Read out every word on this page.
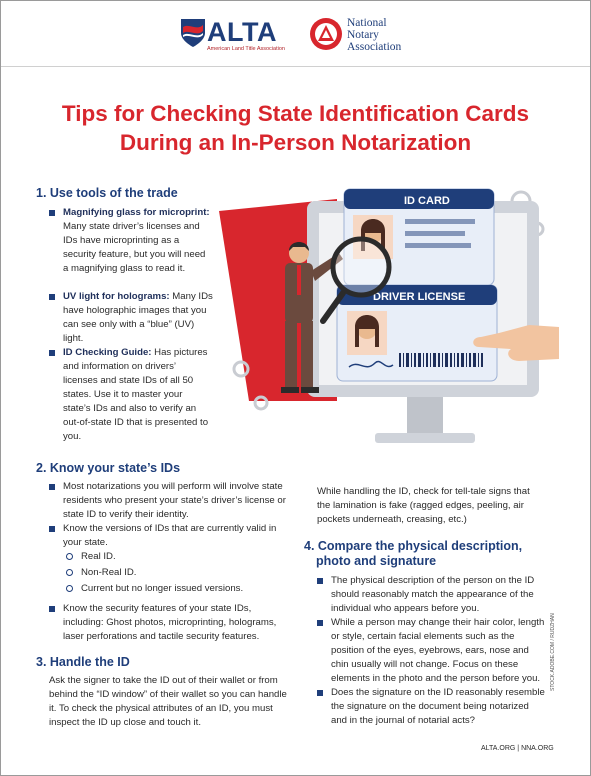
ALTA
American Land Title Association
National
Notary
Association
Tips for Checking State Identification Cards
During an In-Person Notarization
1. Use tools of the trade
Magnifying glass for microprint: Many state driver’s licenses and IDs have microprinting as a security feature, but you will need a magnifying glass to read it.
UV light for holograms: Many IDs have holographic images that you can see only with a “blue” (UV) light.
ID Checking Guide: Has pictures and information on drivers’ licenses and state IDs of all 50 states. Use it to master your state’s IDs and also to verify an out-of-state ID that is presented to you.
ID CARD
DRIVER LICENSE
2. Know your state’s IDs
Most notarizations you will perform will involve state residents who present your state’s driver’s license or state ID to verify their identity.
Know the versions of IDs that are currently valid in your state.
Real ID.
Non-Real ID.
Current but no longer issued versions.
Know the security features of your state IDs, including: Ghost photos, microprinting, holograms, laser perforations and tactile security features.
3. Handle the ID
Ask the signer to take the ID out of their wallet or from behind the “ID window” of their wallet so you can handle it. To check the physical attributes of an ID, you must inspect the ID up close and touch it.
While handling the ID, check for tell-tale signs that the lamination is fake (ragged edges, peeling, air pockets underneath, creasing, etc.)
4. Compare the physical description,
photo and signature
The physical description of the person on the ID should reasonably match the appearance of the individual who appears before you.
While a person may change their hair color, length or style, certain facial elements such as the position of the eyes, eyebrows, ears, nose and chin usually will not change. Focus on these elements in the photo and the person before you.
Does the signature on the ID reasonably resemble the signature on the document being notarized and in the journal of notarial acts?
ALTA.ORG | NNA.ORG
STOCK.ADOBE.COM / RUDZHAN
